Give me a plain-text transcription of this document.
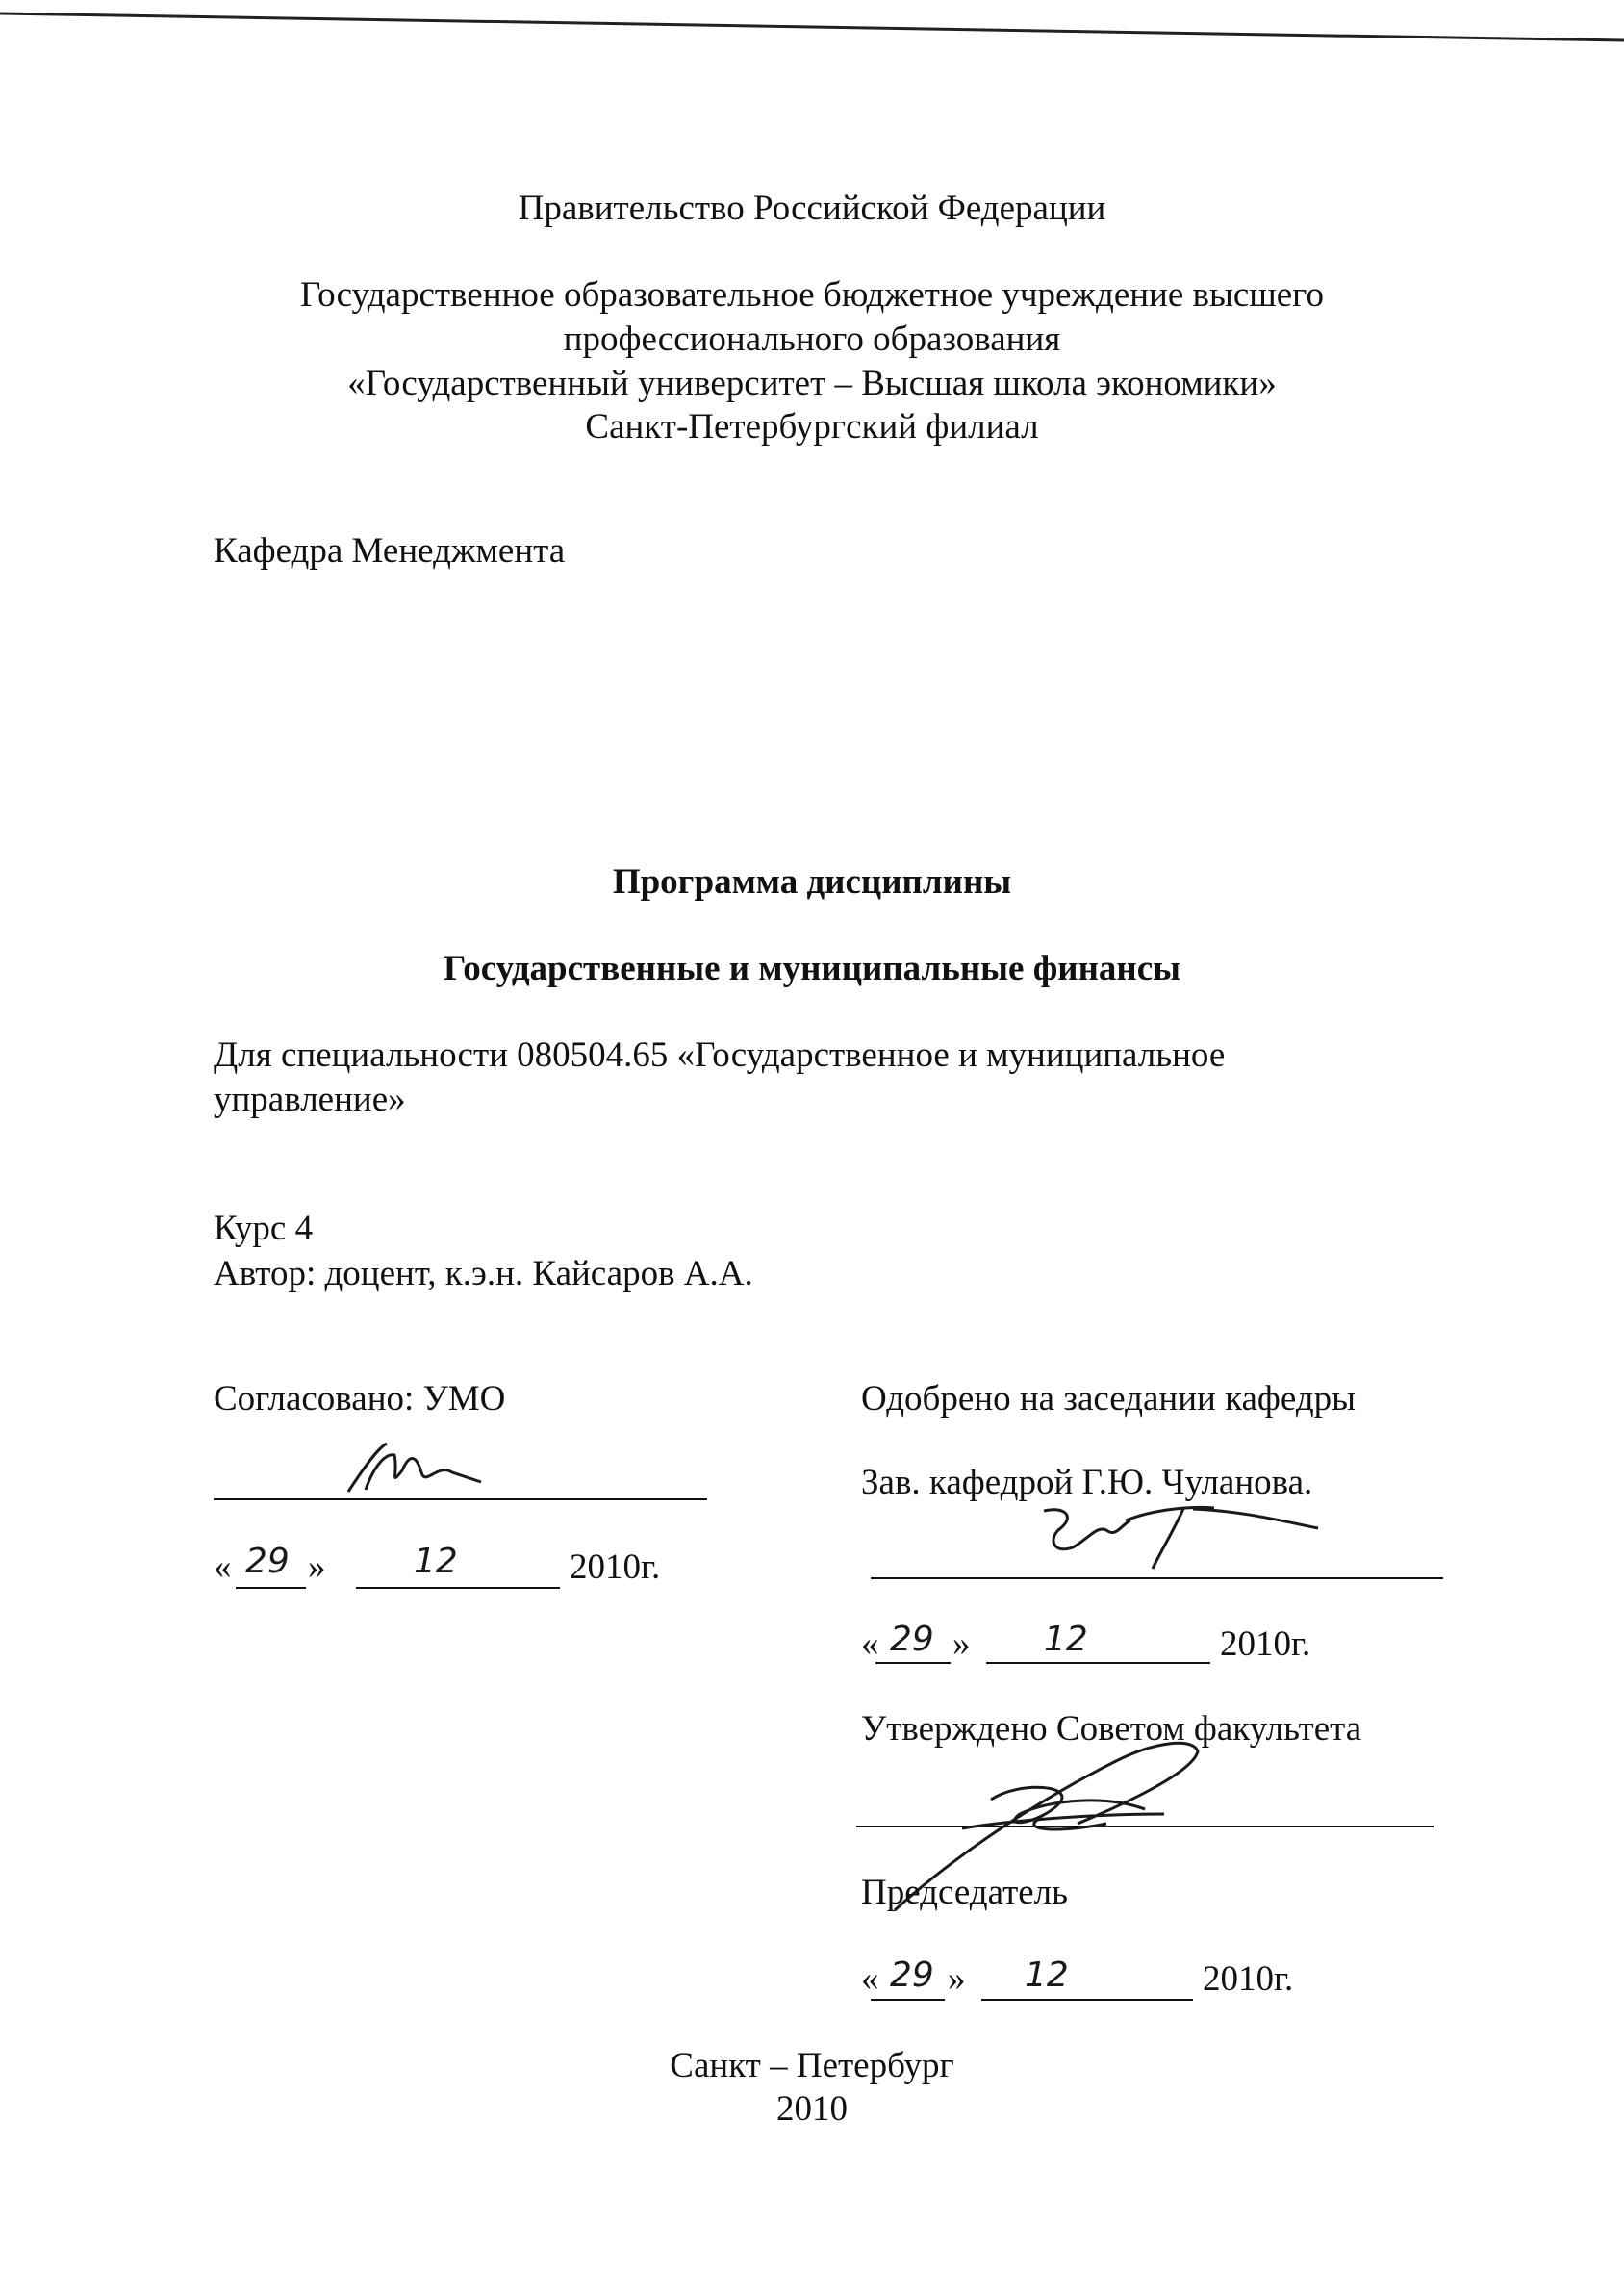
Правительство Российской Федерации
Государственное образовательное бюджетное учреждение высшего
профессионального образования
«Государственный университет – Высшая школа экономики»
Санкт-Петербургский филиал
Кафедра Менеджмента
Программа дисциплины
Государственные и муниципальные финансы
Для специальности 080504.65 «Государственное и муниципальное
управление»
Курс 4
Автор: доцент, к.э.н. Кайсаров А.А.
Согласовано: УМО
« 29 »	12	2010г.
Одобрено на заседании кафедры
Зав. кафедрой Г.Ю. Чуланова.
« 29 » 12	2010г.
Утверждено Советом факультета
Председатель
« 29 » 12	2010г.
Санкт – Петербург
2010
